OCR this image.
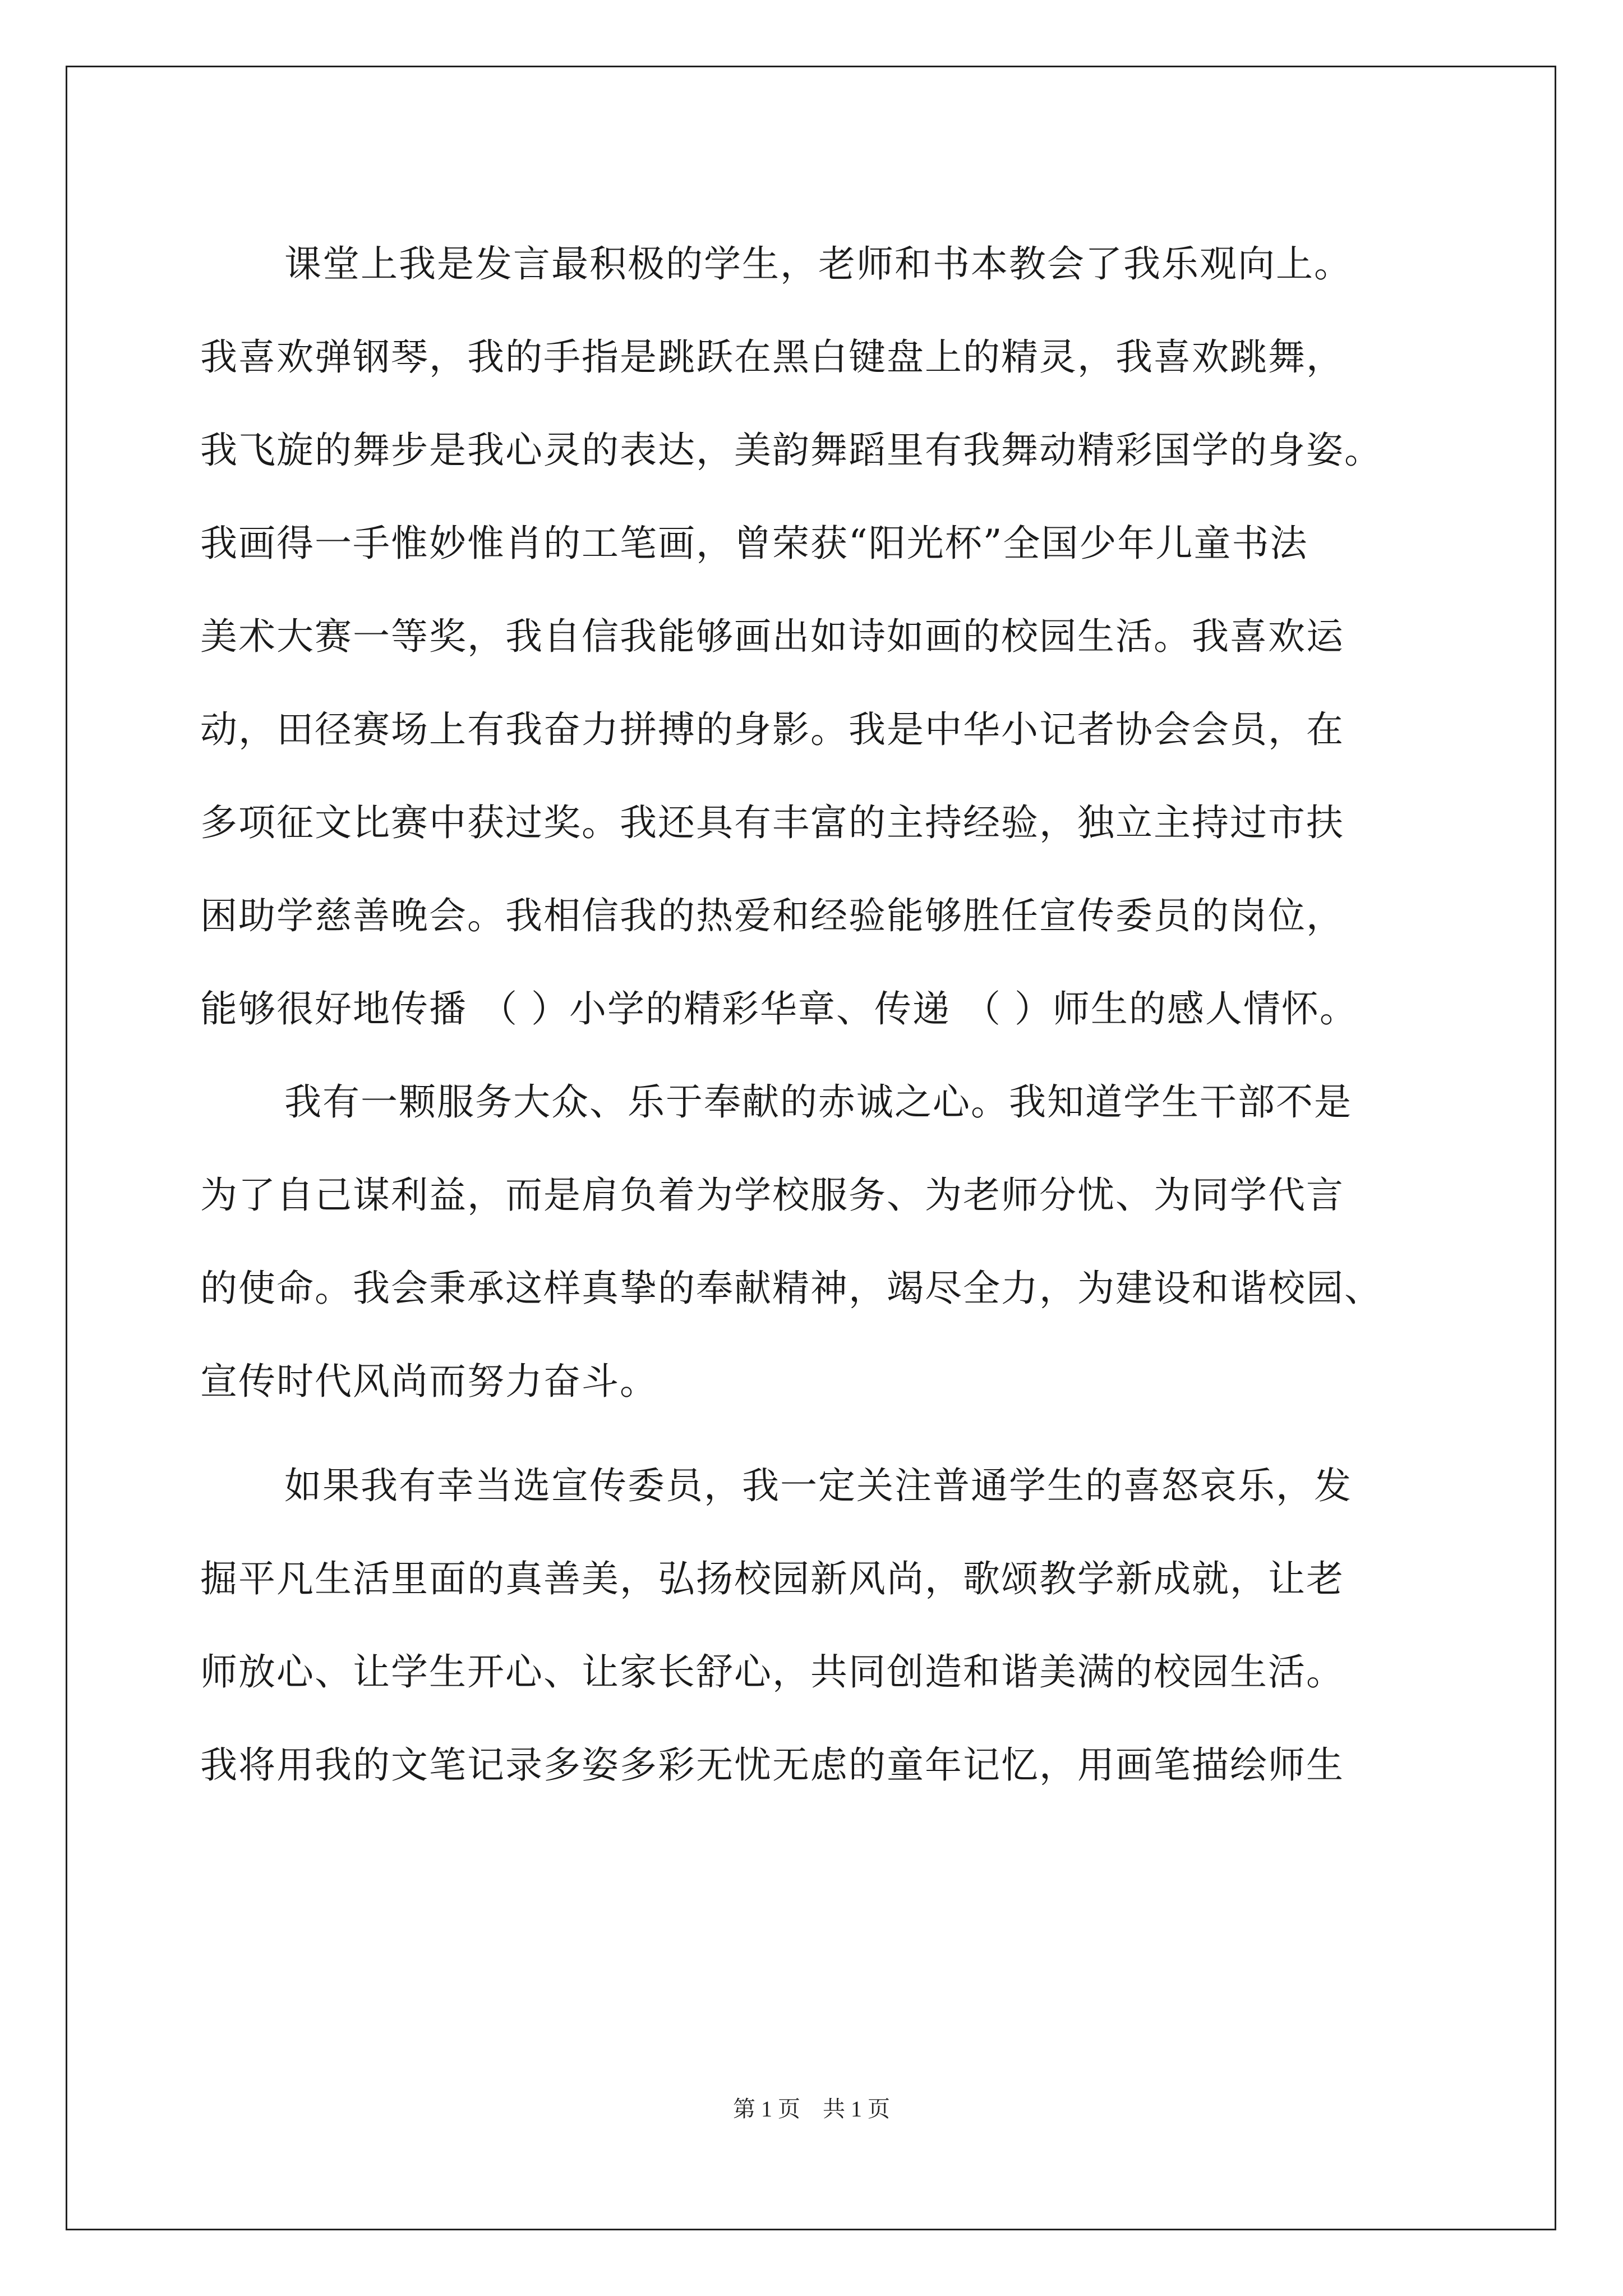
课堂上我是发言最积极的学生，老师和书本教会了我乐观向上。
我喜欢弹钢琴，我的手指是跳跃在黑白键盘上的精灵，我喜欢跳舞，
我飞旋的舞步是我心灵的表达，美韵舞蹈里有我舞动精彩国学的身姿。
我画得一手惟妙惟肖的工笔画，曾荣获“阳光杯”全国少年儿童书法
美术大赛一等奖，我自信我能够画出如诗如画的校园生活。我喜欢运
动，田径赛场上有我奋力拼搏的身影。我是中华小记者协会会员，在
多项征文比赛中获过奖。我还具有丰富的主持经验，独立主持过市扶
困助学慈善晚会。我相信我的热爱和经验能够胜任宣传委员的岗位，
能够很好地传播 （ ）小学的精彩华章、传递 （ ）师生的感人情怀。
我有一颗服务大众、乐于奉献的赤诚之心。我知道学生干部不是
为了自己谋利益，而是肩负着为学校服务、为老师分忧、为同学代言
的使命。我会秉承这样真挚的奉献精神，竭尽全力，为建设和谐校园、
宣传时代风尚而努力奋斗。
如果我有幸当选宣传委员，我一定关注普通学生的喜怒哀乐，发
掘平凡生活里面的真善美，弘扬校园新风尚，歌颂教学新成就，让老
师放心、让学生开心、让家长舒心，共同创造和谐美满的校园生活。
我将用我的文笔记录多姿多彩无忧无虑的童年记忆，用画笔描绘师生
第 1 页　共 1 页
